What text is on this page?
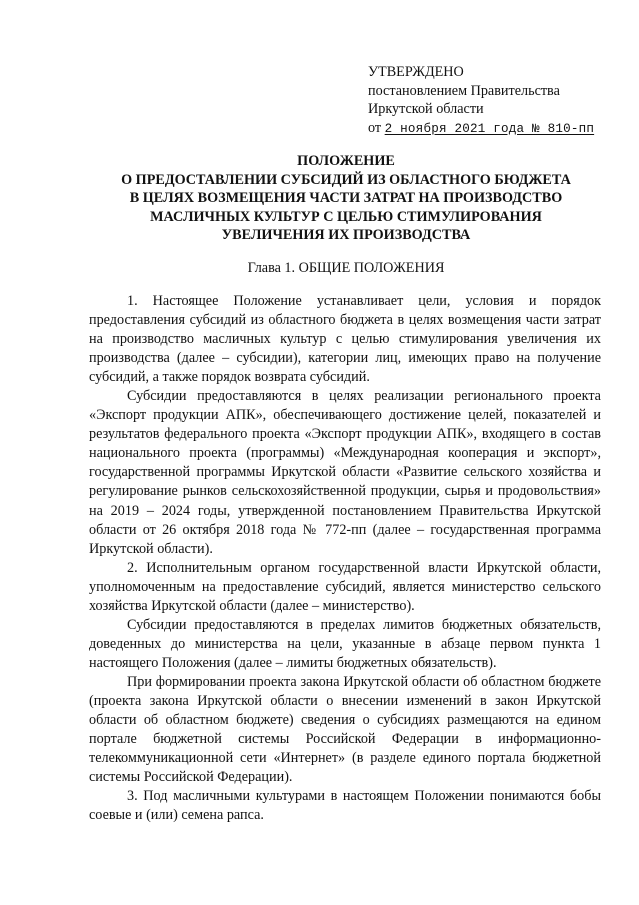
УТВЕРЖДЕНО
постановлением Правительства
Иркутской области
от 2 ноября 2021 года № 810-пп
ПОЛОЖЕНИЕ
О ПРЕДОСТАВЛЕНИИ СУБСИДИЙ ИЗ ОБЛАСТНОГО БЮДЖЕТА
В ЦЕЛЯХ ВОЗМЕЩЕНИЯ ЧАСТИ ЗАТРАТ НА ПРОИЗВОДСТВО
МАСЛИЧНЫХ КУЛЬТУР С ЦЕЛЬЮ СТИМУЛИРОВАНИЯ
УВЕЛИЧЕНИЯ ИХ ПРОИЗВОДСТВА
Глава 1. ОБЩИЕ ПОЛОЖЕНИЯ

1. Настоящее Положение устанавливает цели, условия и порядок предоставления субсидий из областного бюджета в целях возмещения части затрат на производство масличных культур с целью стимулирования увеличения их производства (далее – субсидии), категории лиц, имеющих право на получение субсидий, а также порядок возврата субсидий.

Субсидии предоставляются в целях реализации регионального проекта «Экспорт продукции АПК», обеспечивающего достижение целей, показателей и результатов федерального проекта «Экспорт продукции АПК», входящего в состав национального проекта (программы) «Международная кооперация и экспорт», государственной программы Иркутской области «Развитие сельского хозяйства и регулирование рынков сельскохозяйственной продукции, сырья и продовольствия» на 2019 – 2024 годы, утвержденной постановлением Правительства Иркутской области от 26 октября 2018 года № 772-пп (далее – государственная программа Иркутской области).

2. Исполнительным органом государственной власти Иркутской области, уполномоченным на предоставление субсидий, является министерство сельского хозяйства Иркутской области (далее – министерство).

Субсидии предоставляются в пределах лимитов бюджетных обязательств, доведенных до министерства на цели, указанные в абзаце первом пункта 1 настоящего Положения (далее – лимиты бюджетных обязательств).

При формировании проекта закона Иркутской области об областном бюджете (проекта закона Иркутской области о внесении изменений в закон Иркутской области об областном бюджете) сведения о субсидиях размещаются на едином портале бюджетной системы Российской Федерации в информационно-телекоммуникационной сети «Интернет» (в разделе единого портала бюджетной системы Российской Федерации).

3. Под масличными культурами в настоящем Положении понимаются бобы соевые и (или) семена рапса.
